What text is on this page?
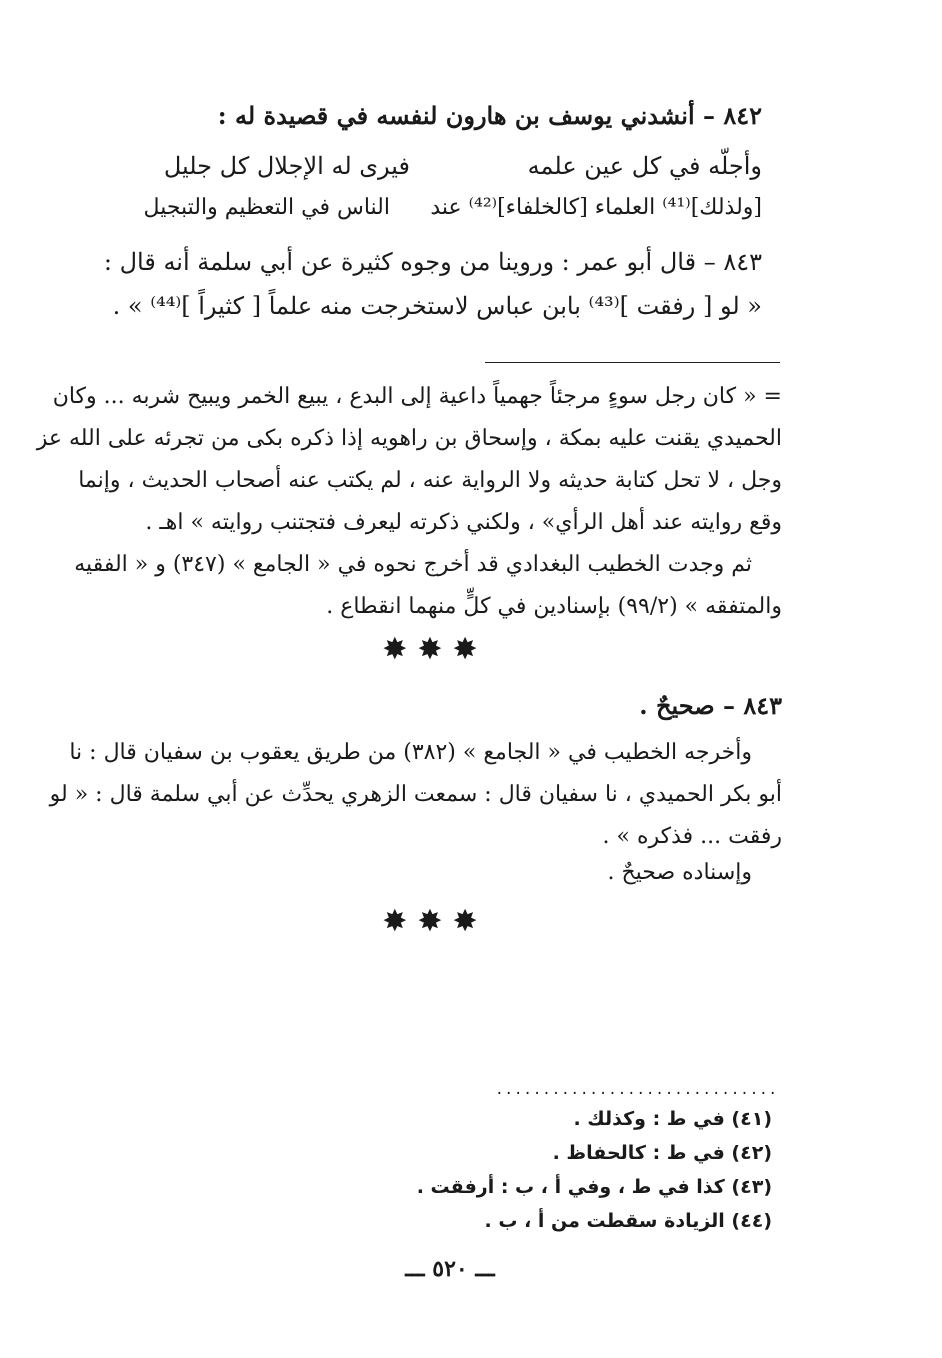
٨٤٢ – أنشدني يوسف بن هارون لنفسه في قصيدة له :
وأجلّه في كل عين علمه
فيرى له الإجلال كل جليل
[ولذلك]⁽⁴¹⁾ العلماء [كالخلفاء]⁽⁴²⁾ عند
الناس في التعظيم والتبجيل
٨٤٣ – قال أبو عمر : وروينا من وجوه كثيرة عن أبي سلمة أنه قال :
« لو [ رفقت ]⁽⁴³⁾ بابن عباس لاستخرجت منه علماً [ كثيراً ]⁽⁴⁴⁾ » .
= « كان رجل سوءٍ مرجئاً جهمياً داعية إلى البدع ، يبيع الخمر ويبيح شربه ... وكان
الحميدي يقنت عليه بمكة ، وإسحاق بن راهويه إذا ذكره بكى من تجرئه على الله عز
وجل ، لا تحل كتابة حديثه ولا الرواية عنه ، لم يكتب عنه أصحاب الحديث ، وإنما
وقع روايته عند أهل الرأي» ، ولكني ذكرته ليعرف فتجتنب روايته » اهـ .
ثم وجدت الخطيب البغدادي قد أخرج نحوه في « الجامع » (٣٤٧) و « الفقيه
والمتفقه » (٩٩/٢) بإسنادين في كلٍّ منهما انقطاع .
✸✸✸
٨٤٣ – صحيحٌ .
وأخرجه الخطيب في « الجامع » (٣٨٢) من طريق يعقوب بن سفيان قال : نا
أبو بكر الحميدي ، نا سفيان قال : سمعت الزهري يحدِّث عن أبي سلمة قال : « لو
رفقت ... فذكره » .
وإسناده صحيحٌ .
✸✸✸
..............................
(٤١) في ط : وكذلك .
(٤٢) في ط : كالحفاظ .
(٤٣) كذا في ط ، وفي أ ، ب : أرفقت .
(٤٤) الزيادة سقطت من أ ، ب .
ـــ ٥٢٠ ـــ
